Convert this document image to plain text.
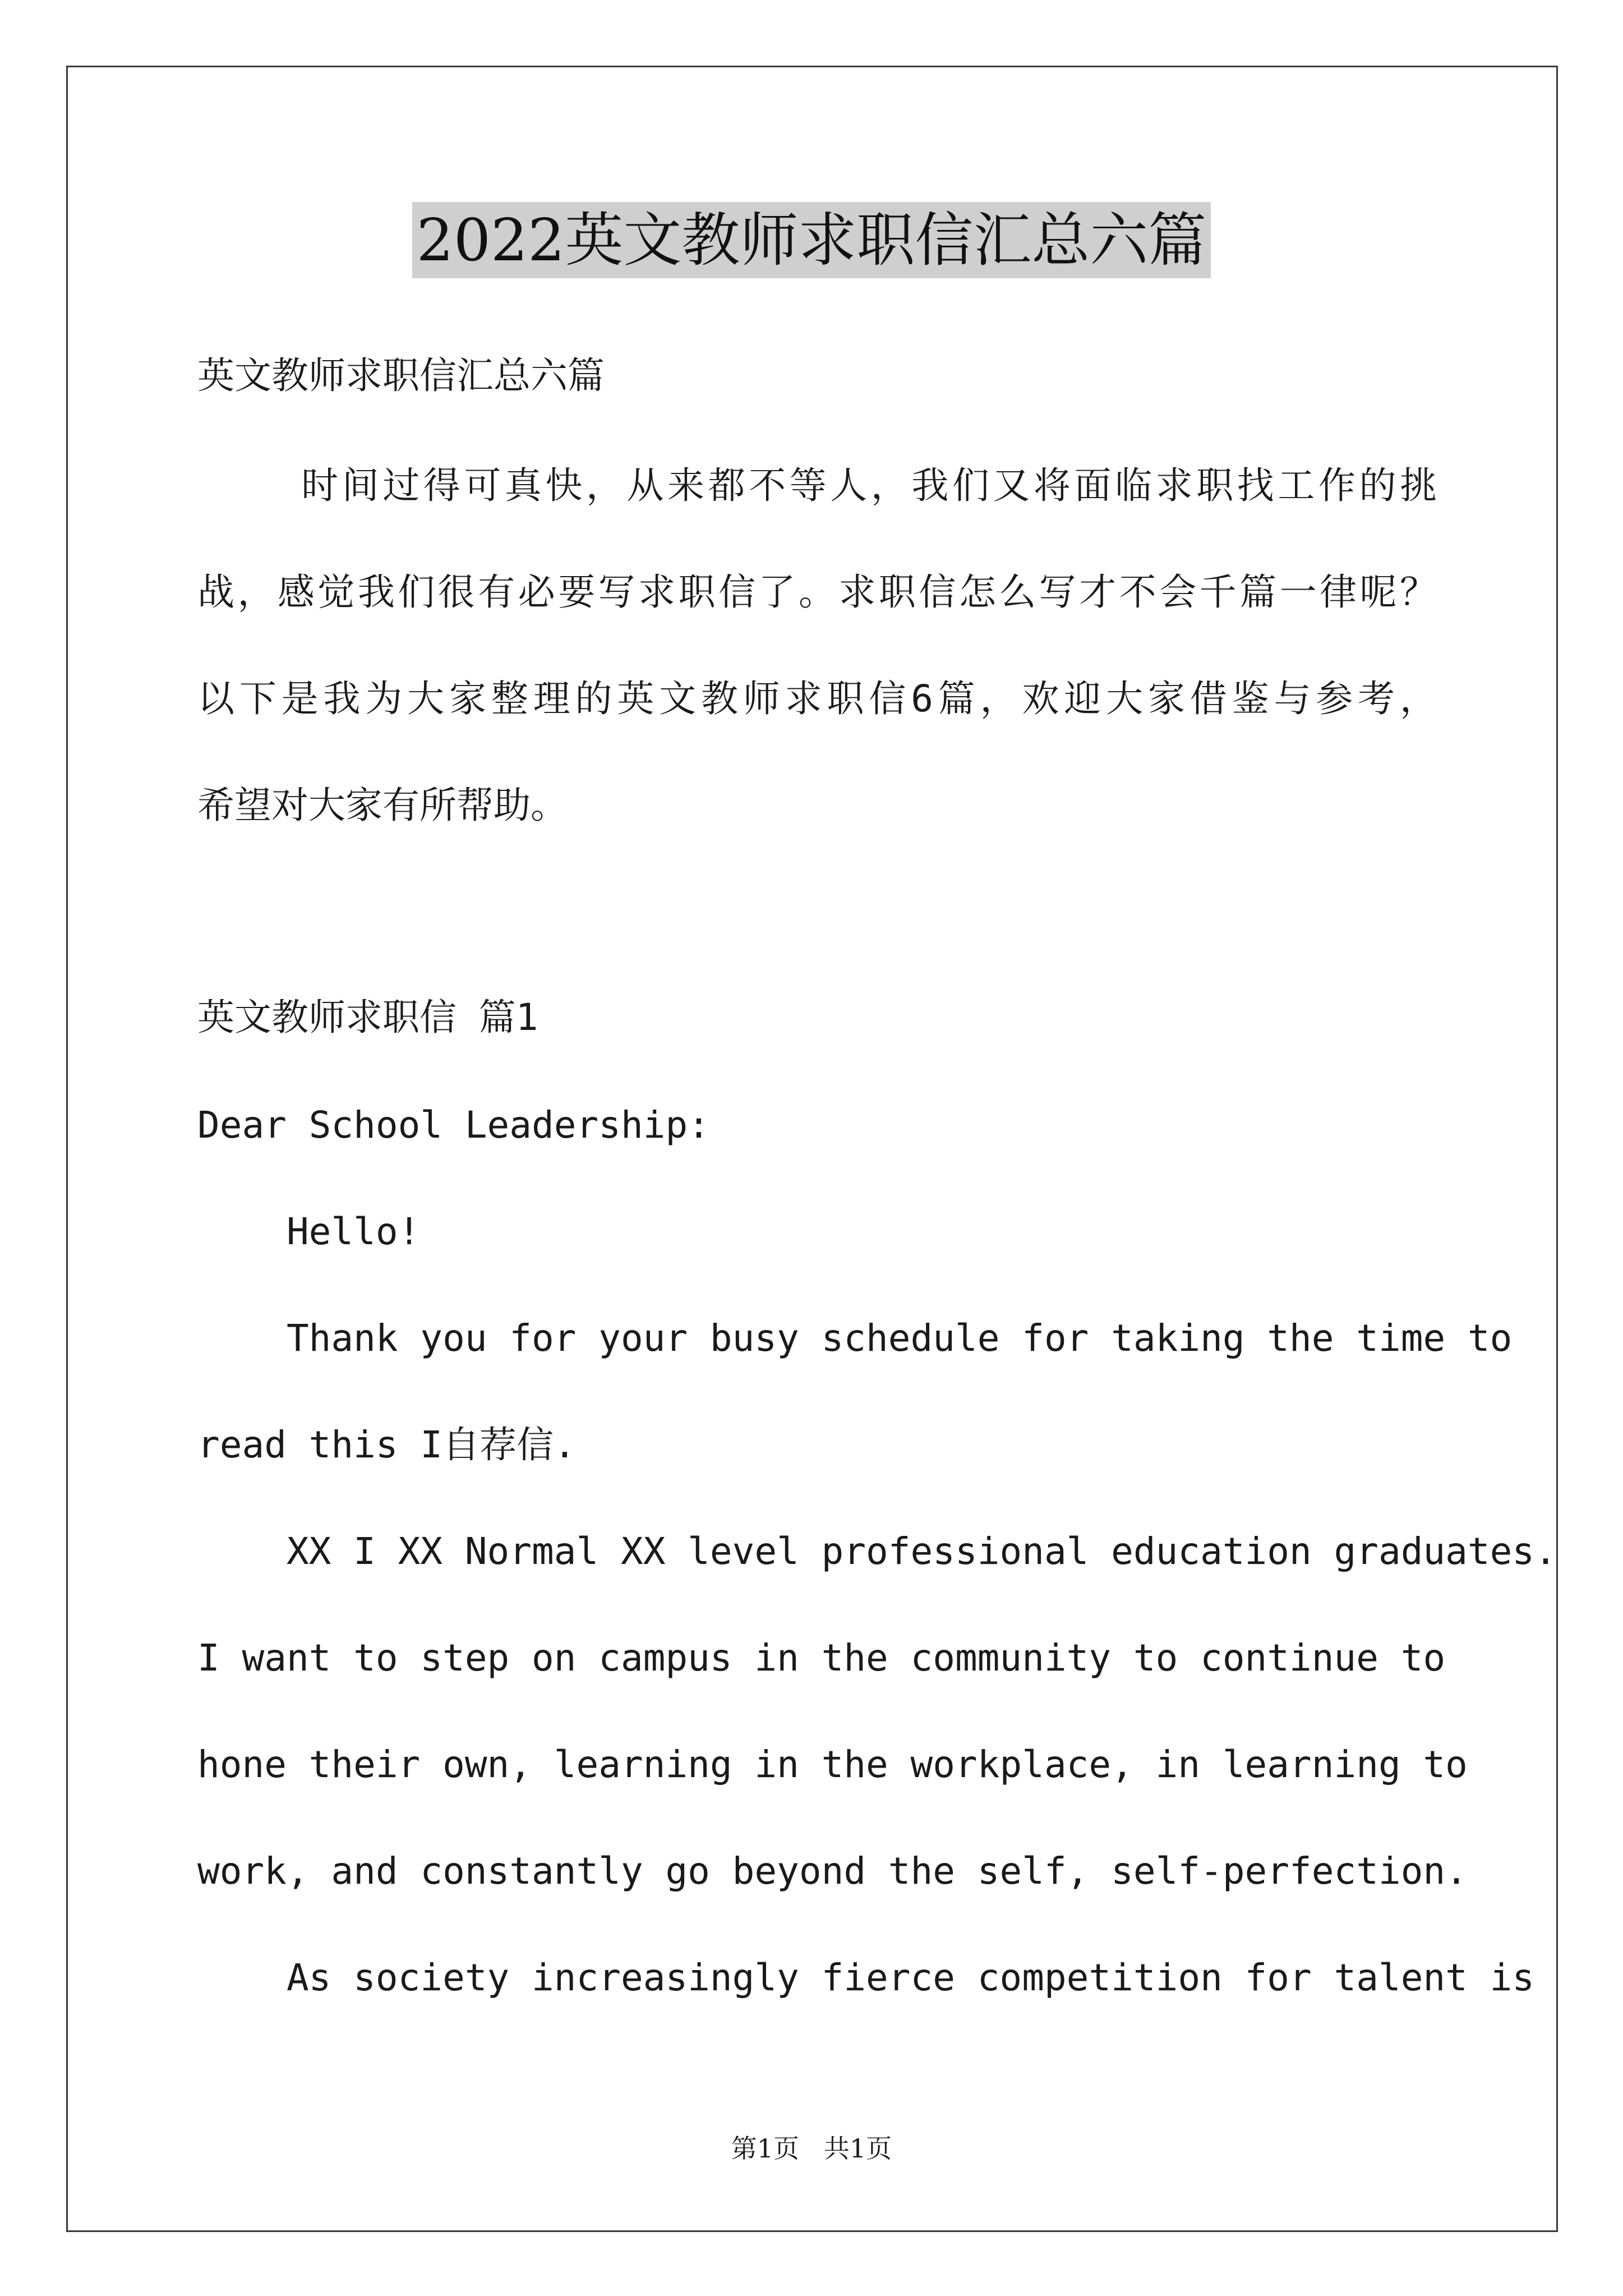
2022英文教师求职信汇总六篇
英文教师求职信汇总六篇
时间过得可真快，从来都不等人，我们又将面临求职找工作的挑
战，感觉我们很有必要写求职信了。求职信怎么写才不会千篇一律呢？
以下是我为大家整理的英文教师求职信6篇，欢迎大家借鉴与参考，
希望对大家有所帮助。
英文教师求职信 篇1
Dear School Leadership:
Hello!
Thank you for your busy schedule for taking the time to
read this I自荐信.
XX I XX Normal XX level professional education graduates.
I want to step on campus in the community to continue to
hone their own, learning in the workplace, in learning to
work, and constantly go beyond the self, self-perfection.
As society increasingly fierce competition for talent is
第1页   共1页
